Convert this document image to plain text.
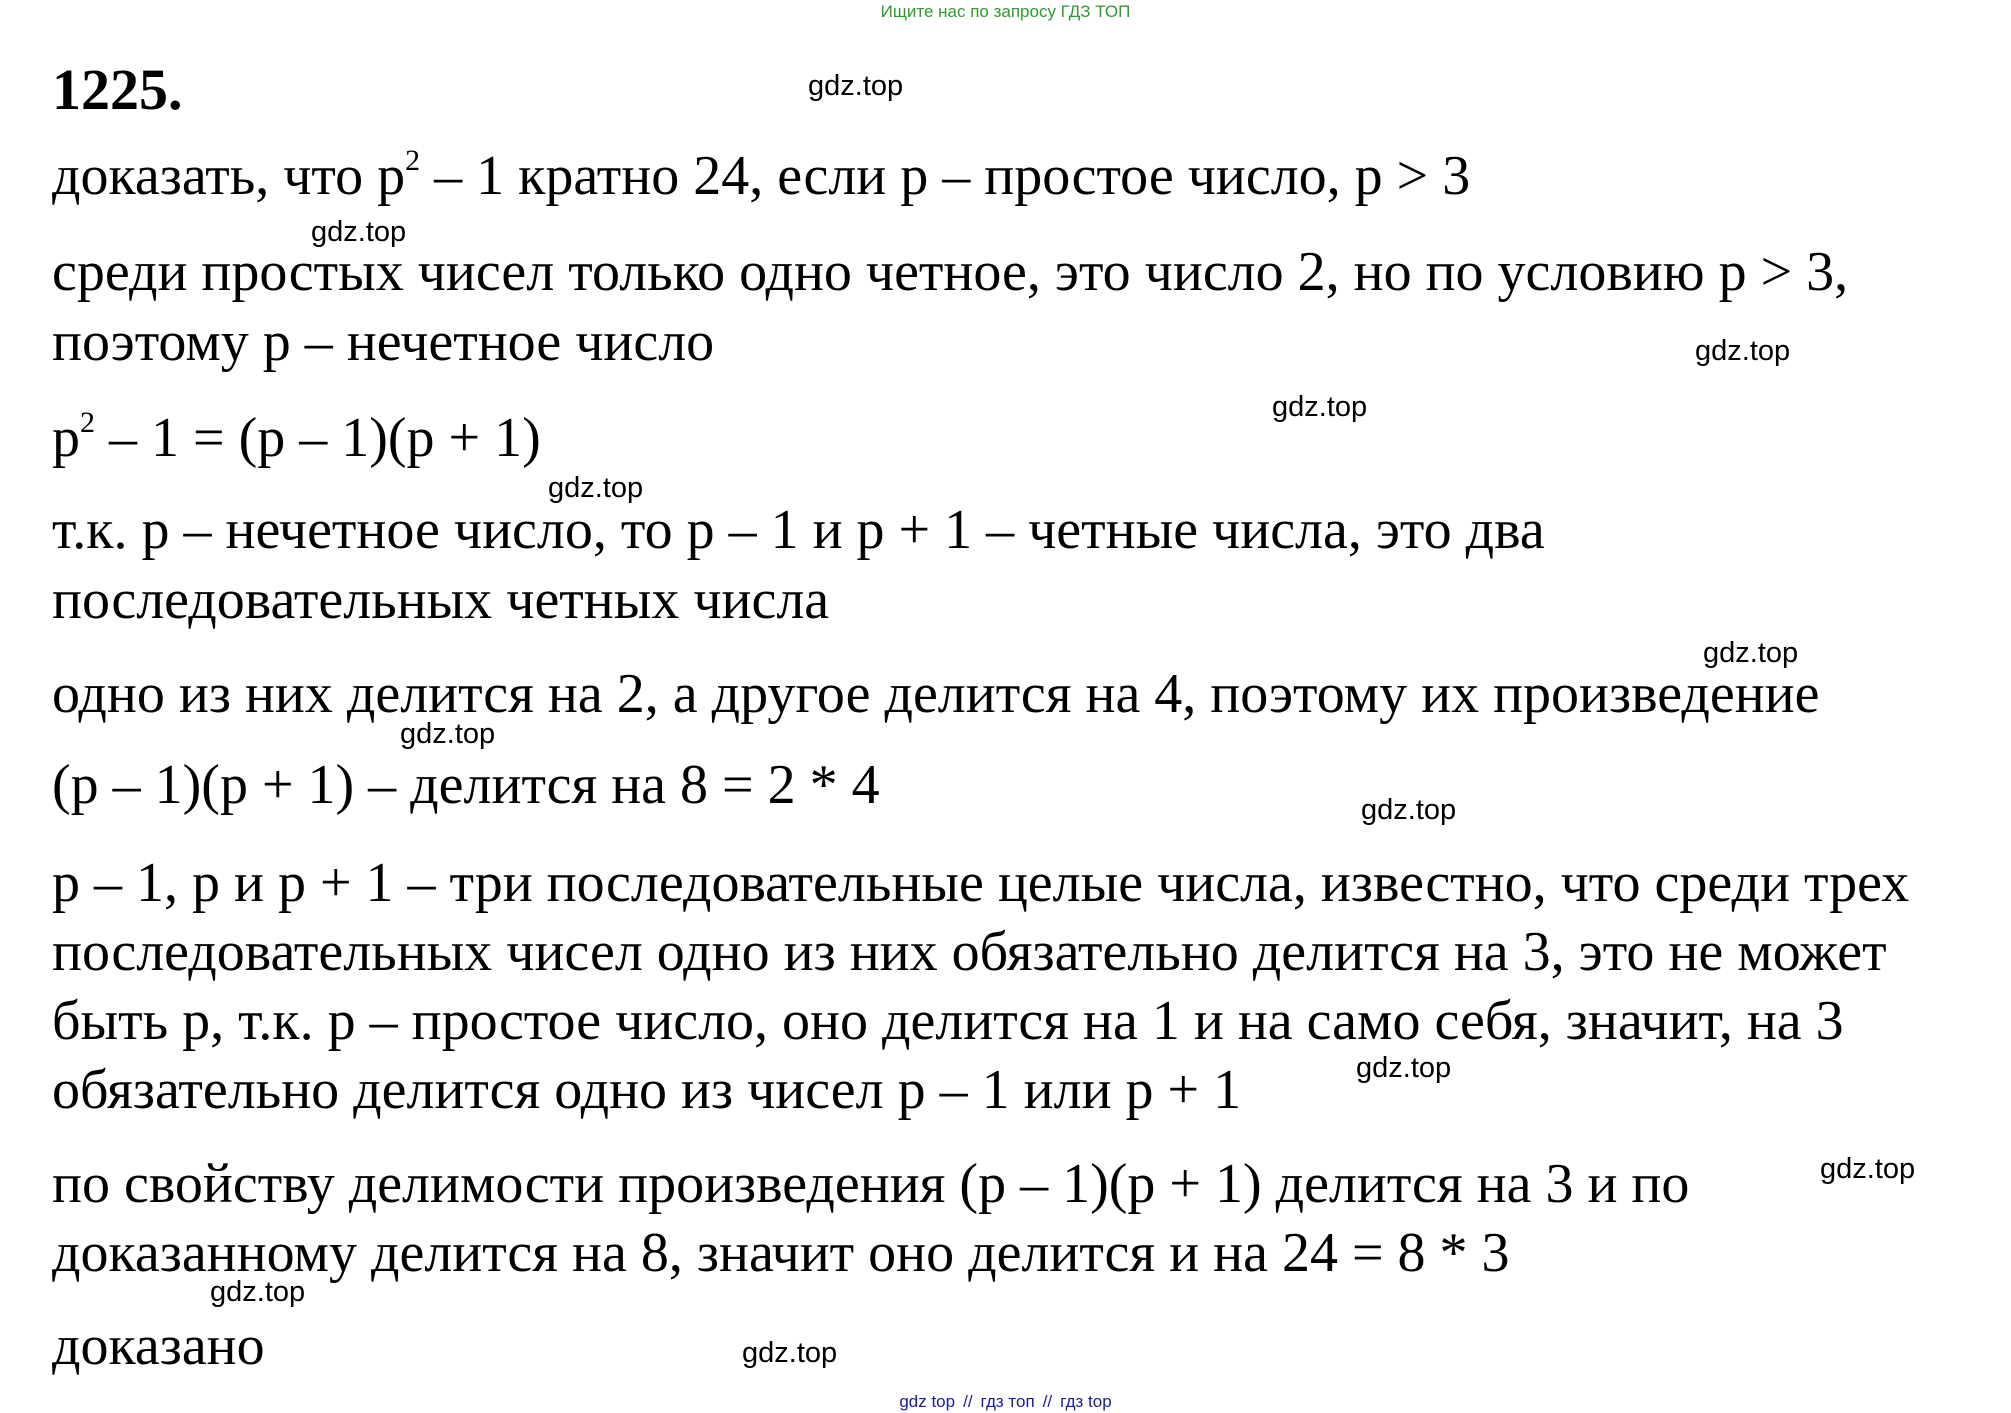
Ищите нас по запросу ГДЗ ТОП
1225.
доказать, что $p^2 - 1$ кратно 24, если p – простое число, p > 3
среди простых чисел только одно четное, это число 2, но по условию p > 3,
поэтому p – нечетное число
$p^2 - 1 = (p - 1)(p + 1)$
т.к. p – нечетное число, то p – 1 и p + 1 – четные числа, это два
последовательных четных числа
одно из них делится на 2, а другое делится на 4, поэтому их произведение
(p – 1)(p + 1) – делится на 8 = 2 * 4
p – 1, p и p + 1 – три последовательные целые числа, известно, что среди трех
последовательных чисел одно из них обязательно делится на 3, это не может
быть p, т.к. p – простое число, оно делится на 1 и на само себя, значит, на 3
обязательно делится одно из чисел p – 1 или p + 1
по свойству делимости произведения (p – 1)(p + 1) делится на 3 и по
доказанному делится на 8, значит оно делится и на 24 = 8 * 3
доказано
gdz.top
gdz.top
gdz.top
gdz.top
gdz.top
gdz.top
gdz.top
gdz.top
gdz.top
gdz.top
gdz.top
gdz.top
gdz top // гдз топ // гдз top
